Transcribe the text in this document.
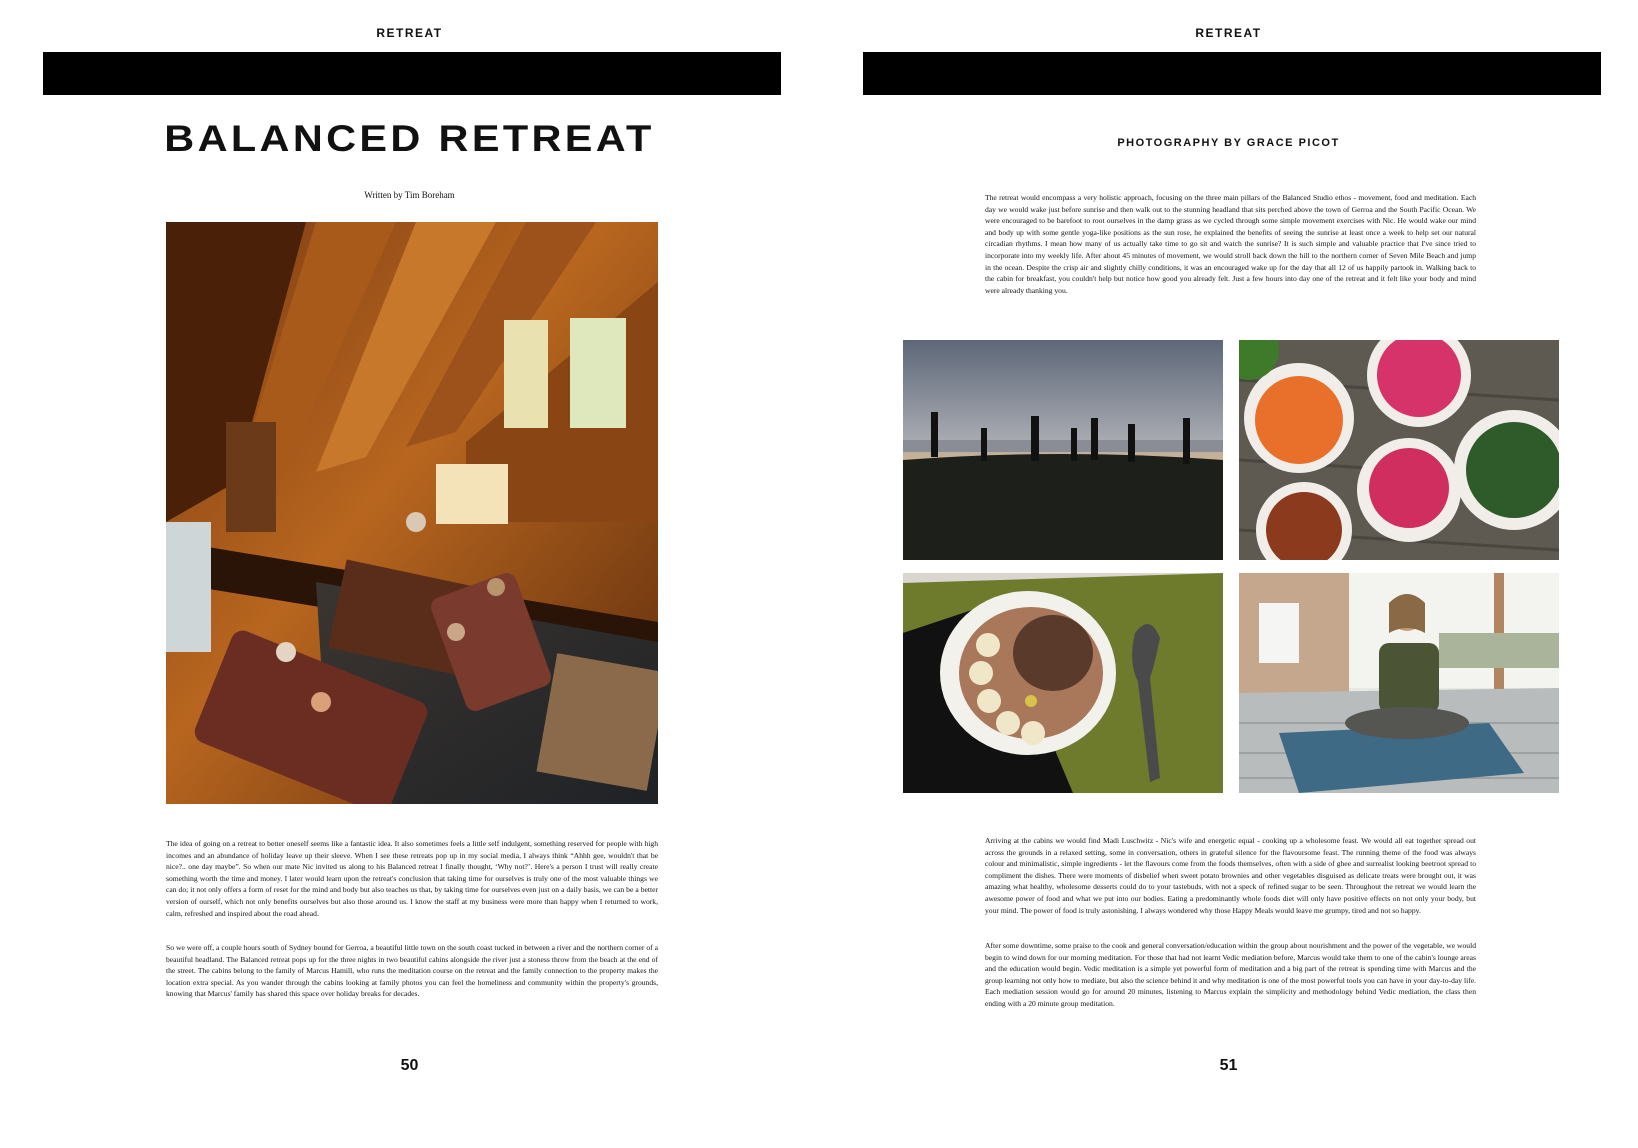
RETREAT
BALANCED RETREAT
Written by Tim Boreham

The idea of going on a retreat to better oneself seems like a fantastic idea. It also sometimes feels a little self indulgent, something reserved for people with high incomes and an abundance of holiday leave up their sleeve. When I see these retreats pop up in my social media, I always think “Ahhh gee, wouldn't that be nice?.. one day maybe”. So when our mate Nic invited us along to his Balanced retreat I finally thought, ‘Why not?’. Here's a person I trust will really create something worth the time and money. I later would learn upon the retreat's conclusion that taking time for ourselves is truly one of the most valuable things we can do; it not only offers a form of reset for the mind and body but also teaches us that, by taking time for ourselves even just on a daily basis, we can be a better version of ourself, which not only benefits ourselves but also those around us. I know the staff at my business were more than happy when I returned to work, calm, refreshed and inspired about the road ahead.

So we were off, a couple hours south of Sydney bound for Gerroa, a beautiful little town on the south coast tucked in between a river and the northern corner of a beautiful headland. The Balanced retreat pops up for the three nights in two beautiful cabins alongside the river just a stoness throw from the beach at the end of the street. The cabins belong to the family of Marcus Hamill, who runs the meditation course on the retreat and the family connection to the property makes the location extra special. As you wander through the cabins looking at family photos you can feel the homeliness and community within the property's grounds, knowing that Marcus' family has shared this space over holiday breaks for decades.

50
RETREAT
PHOTOGRAPHY BY GRACE PICOT

The retreat would encompass a very holistic approach, focusing on the three main pillars of the Balanced Studio ethos - movement, food and meditation. Each day we would wake just before sunrise and then walk out to the stunning headland that sits perched above the town of Gerroa and the South Pacific Ocean. We were encouraged to be barefoot to root ourselves in the damp grass as we cycled through some simple movement exercises with Nic. He would wake our mind and body up with some gentle yoga-like positions as the sun rose, he explained the benefits of seeing the sunrise at least once a week to help set our natural circadian rhythms. I mean how many of us actually take time to go sit and watch the sunrise? It is such simple and valuable practice that I've since tried to incorporate into my weekly life. After about 45 minutes of movement, we would stroll back down the hill to the northern corner of Seven Mile Beach and jump in the ocean. Despite the crisp air and slightly chilly conditions, it was an encouraged wake up for the day that all 12 of us happily partook in. Walking back to the cabin for breakfast, you couldn't help but notice how good you already felt. Just a few hours into day one of the retreat and it felt like your body and mind were already thanking you.

Arriving at the cabins we would find Madi Luschwitz - Nic's wife and energetic equal - cooking up a wholesome feast. We would all eat together spread out across the grounds in a relaxed setting, some in conversation, others in grateful silence for the flavoursome feast. The running theme of the food was always colour and minimalistic, simple ingredients - let the flavours come from the foods themselves, often with a side of ghee and surrealist looking beetroot spread to compliment the dishes. There were moments of disbelief when sweet potato brownies and other vegetables disguised as delicate treats were brought out, it was amazing what healthy, wholesome desserts could do to your tastebuds, with not a speck of refined sugar to be seen. Throughout the retreat we would learn the awesome power of food and what we put into our bodies. Eating a predominantly whole foods diet will only have positive effects on not only your body, but your mind. The power of food is truly astonishing. I always wondered why those Happy Meals would leave me grumpy, tired and not so happy.

After some downtime, some praise to the cook and general conversation/education within the group about nourishment and the power of the vegetable, we would begin to wind down for our morning meditation. For those that had not learnt Vedic mediation before, Marcus would take them to one of the cabin's lounge areas and the education would begin. Vedic meditation is a simple yet powerful form of meditation and a big part of the retreat is spending time with Marcus and the group learning not only how to mediate, but also the science behind it and why meditation is one of the most powerful tools you can have in your day-to-day life. Each mediation session would go for around 20 minutes, listening to Marcus explain the simplicity and methodology behind Vedic mediation, the class then ending with a 20 minute group meditation.

51
